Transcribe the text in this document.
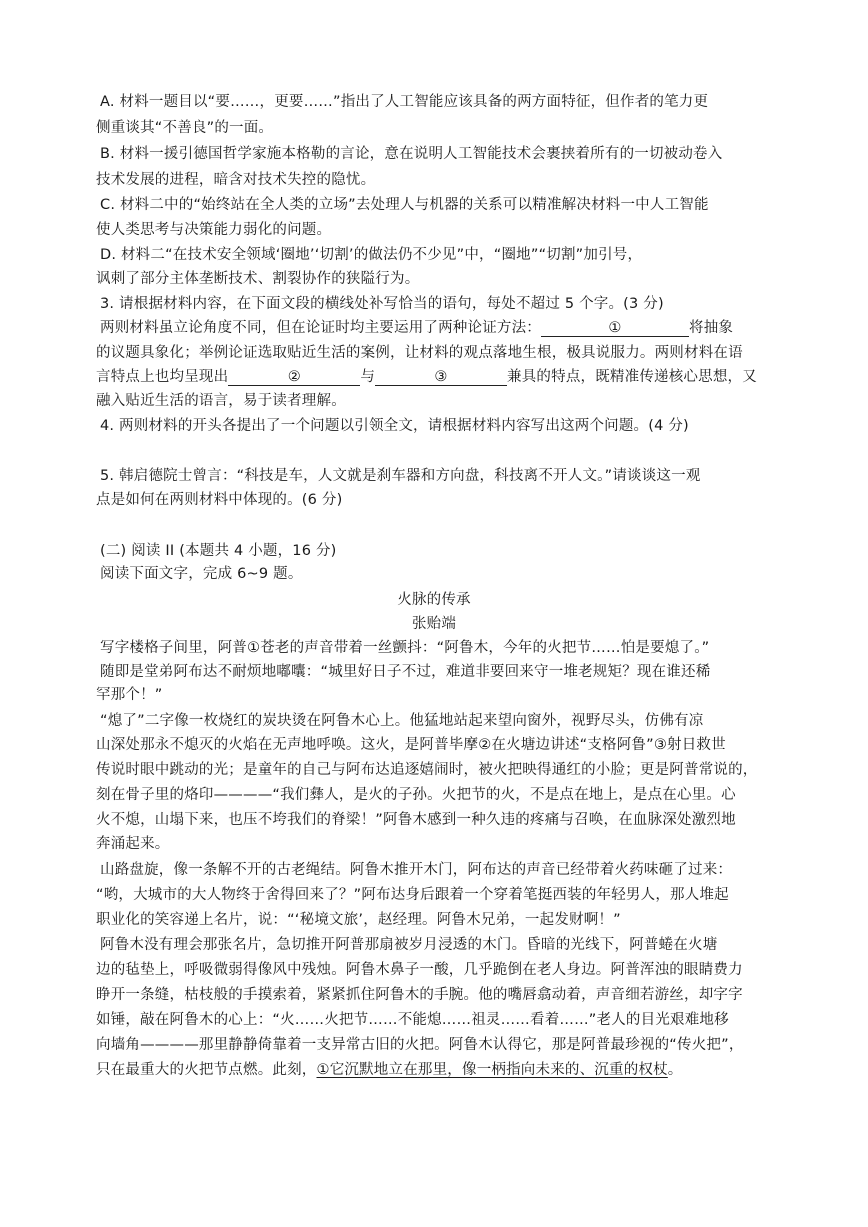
A. 材料一题目以“要……，更要……”指出了人工智能应该具备的两方面特征，但作者的笔力更
侧重谈其“不善良”的一面。
B. 材料一援引德国哲学家施本格勒的言论，意在说明人工智能技术会裹挟着所有的一切被动卷入
技术发展的进程，暗含对技术失控的隐忧。
C. 材料二中的“始终站在全人类的立场”去处理人与机器的关系可以精准解决材料一中人工智能
使人类思考与决策能力弱化的问题。
D. 材料二“在技术安全领域‘圈地’‘切割’的做法仍不少见”中，“圈地”“切割”加引号，
讽刺了部分主体垄断技术、割裂协作的狭隘行为。
3. 请根据材料内容，在下面文段的横线处补写恰当的语句，每处不超过 5 个字。(3 分)
两则材料虽立论角度不同，但在论证时均主要运用了两种论证方法：	①	将抽象
的议题具象化；举例论证选取贴近生活的案例，让材料的观点落地生根，极具说服力。两则材料在语
言特点上也均呈现出	②	与	③	兼具的特点，既精准传递核心思想，又
融入贴近生活的语言，易于读者理解。
4. 两则材料的开头各提出了一个问题以引领全文，请根据材料内容写出这两个问题。(4 分)
5. 韩启德院士曾言：“科技是车，人文就是刹车器和方向盘，科技离不开人文。”请谈谈这一观
点是如何在两则材料中体现的。(6 分)
(二) 阅读 II (本题共 4 小题，16 分)
阅读下面文字，完成 6~9 题。
火脉的传承
张贻端
写字楼格子间里，阿普①苍老的声音带着一丝颤抖：“阿鲁木，今年的火把节……怕是要熄了。”
随即是堂弟阿布达不耐烦地嘟囔：“城里好日子不过，难道非要回来守一堆老规矩？现在谁还稀
罕那个！”
“熄了”二字像一枚烧红的炭块烫在阿鲁木心上。他猛地站起来望向窗外，视野尽头，仿佛有凉
山深处那永不熄灭的火焰在无声地呼唤。这火，是阿普毕摩②在火塘边讲述“支格阿鲁”③射日救世
传说时眼中跳动的光；是童年的自己与阿布达追逐嬉闹时，被火把映得通红的小脸；更是阿普常说的，
刻在骨子里的烙印————“我们彝人，是火的子孙。火把节的火，不是点在地上，是点在心里。心
火不熄，山塌下来，也压不垮我们的脊梁！”阿鲁木感到一种久违的疼痛与召唤，在血脉深处激烈地
奔涌起来。
山路盘旋，像一条解不开的古老绳结。阿鲁木推开木门，阿布达的声音已经带着火药味砸了过来：
“哟，大城市的大人物终于舍得回来了？”阿布达身后跟着一个穿着笔挺西装的年轻男人，那人堆起
职业化的笑容递上名片，说：“‘秘境文旅’，赵经理。阿鲁木兄弟，一起发财啊！”
阿鲁木没有理会那张名片，急切推开阿普那扇被岁月浸透的木门。昏暗的光线下，阿普蜷在火塘
边的毡垫上，呼吸微弱得像风中残烛。阿鲁木鼻子一酸，几乎跪倒在老人身边。阿普浑浊的眼睛费力
睁开一条缝，枯枝般的手摸索着，紧紧抓住阿鲁木的手腕。他的嘴唇翕动着，声音细若游丝，却字字
如锤，敲在阿鲁木的心上：“火……火把节……不能熄……祖灵……看着……”老人的目光艰难地移
向墙角————那里静静倚靠着一支异常古旧的火把。阿鲁木认得它，那是阿普最珍视的“传火把”，
只在最重大的火把节点燃。此刻，①它沉默地立在那里，像一柄指向未来的、沉重的权杖。
